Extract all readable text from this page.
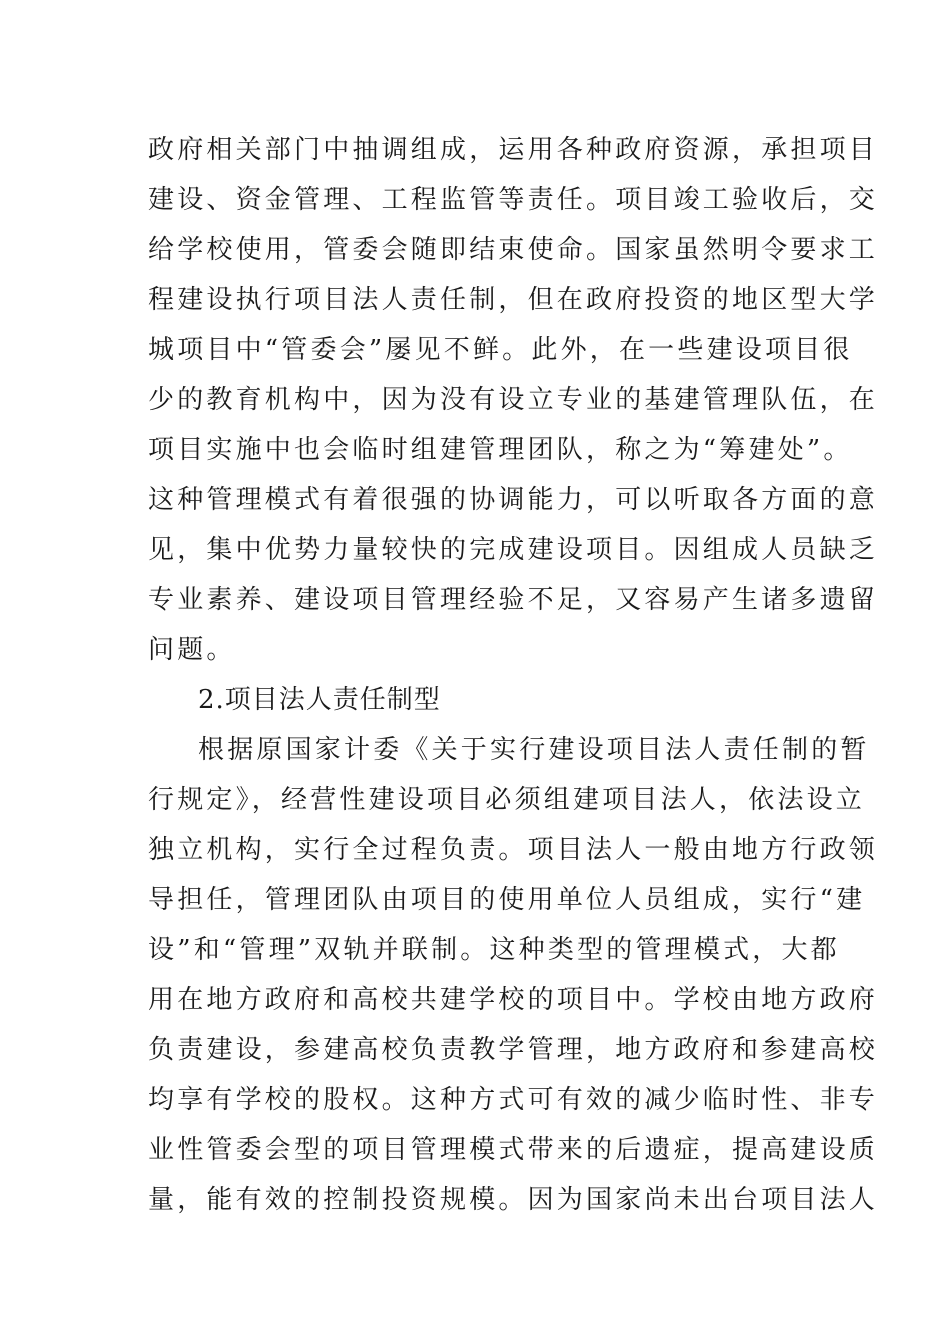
政府相关部门中抽调组成，运用各种政府资源，承担项目
建设、资金管理、工程监管等责任。项目竣工验收后，交
给学校使用，管委会随即结束使命。国家虽然明令要求工
程建设执行项目法人责任制，但在政府投资的地区型大学
城项目中“管委会”屡见不鲜。此外，在一些建设项目很
少的教育机构中，因为没有设立专业的基建管理队伍，在
项目实施中也会临时组建管理团队，称之为“筹建处”。
这种管理模式有着很强的协调能力，可以听取各方面的意
见，集中优势力量较快的完成建设项目。因组成人员缺乏
专业素养、建设项目管理经验不足，又容易产生诸多遗留
问题。
2.项目法人责任制型
根据原国家计委《关于实行建设项目法人责任制的暂
行规定》，经营性建设项目必须组建项目法人，依法设立
独立机构，实行全过程负责。项目法人一般由地方行政领
导担任，管理团队由项目的使用单位人员组成，实行“建
设”和“管理”双轨并联制。这种类型的管理模式，大都
用在地方政府和高校共建学校的项目中。学校由地方政府
负责建设，参建高校负责教学管理，地方政府和参建高校
均享有学校的股权。这种方式可有效的减少临时性、非专
业性管委会型的项目管理模式带来的后遗症，提高建设质
量，能有效的控制投资规模。因为国家尚未出台项目法人
